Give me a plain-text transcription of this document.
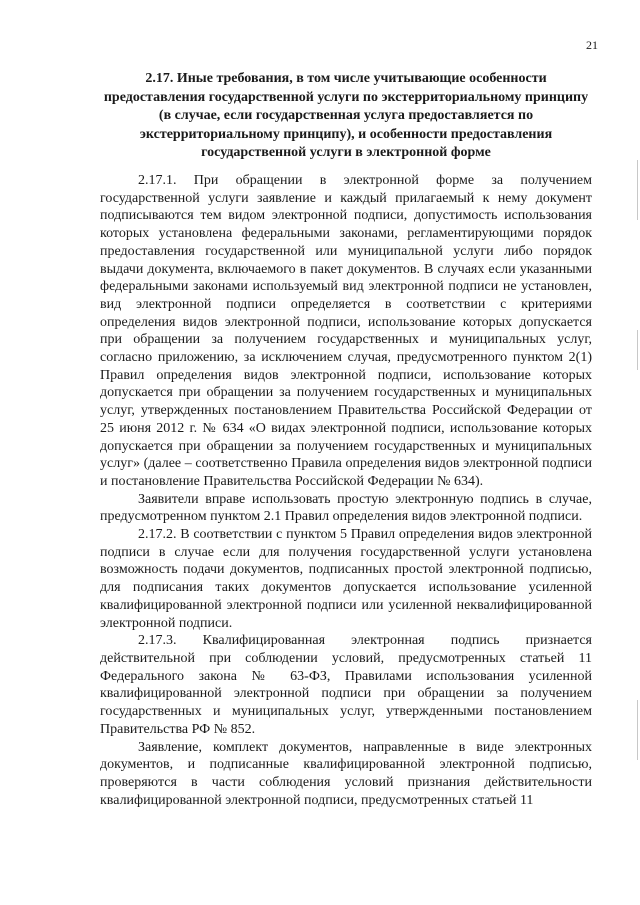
21
2.17. Иные требования, в том числе учитывающие особенности предоставления государственной услуги по экстерриториальному принципу (в случае, если государственная услуга предоставляется по экстерриториальному принципу), и особенности предоставления государственной услуги в электронной форме

2.17.1. При обращении в электронной форме за получением государственной услуги заявление и каждый прилагаемый к нему документ подписываются тем видом электронной подписи, допустимость использования которых установлена федеральными законами, регламентирующими порядок предоставления государственной или муниципальной услуги либо порядок выдачи документа, включаемого в пакет документов. В случаях если указанными федеральными законами используемый вид электронной подписи не установлен, вид электронной подписи определяется в соответствии с критериями определения видов электронной подписи, использование которых допускается при обращении за получением государственных и муниципальных услуг, согласно приложению, за исключением случая, предусмотренного пунктом 2(1) Правил определения видов электронной подписи, использование которых допускается при обращении за получением государственных и муниципальных услуг, утвержденных постановлением Правительства Российской Федерации от 25 июня 2012 г. № 634 «О видах электронной подписи, использование которых допускается при обращении за получением государственных и муниципальных услуг» (далее – соответственно Правила определения видов электронной подписи и постановление Правительства Российской Федерации № 634).

Заявители вправе использовать простую электронную подпись в случае, предусмотренном пунктом 2.1 Правил определения видов электронной подписи.

2.17.2. В соответствии с пунктом 5 Правил определения видов электронной подписи в случае если для получения государственной услуги установлена возможность подачи документов, подписанных простой электронной подписью, для подписания таких документов допускается использование усиленной квалифицированной электронной подписи или усиленной неквалифицированной электронной подписи.

2.17.3. Квалифицированная электронная подпись признается действительной при соблюдении условий, предусмотренных статьей 11 Федерального закона № 63-ФЗ, Правилами использования усиленной квалифицированной электронной подписи при обращении за получением государственных и муниципальных услуг, утвержденными постановлением Правительства РФ № 852.

Заявление, комплект документов, направленные в виде электронных документов, и подписанные квалифицированной электронной подписью, проверяются в части соблюдения условий признания действительности квалифицированной электронной подписи, предусмотренных статьей 11
